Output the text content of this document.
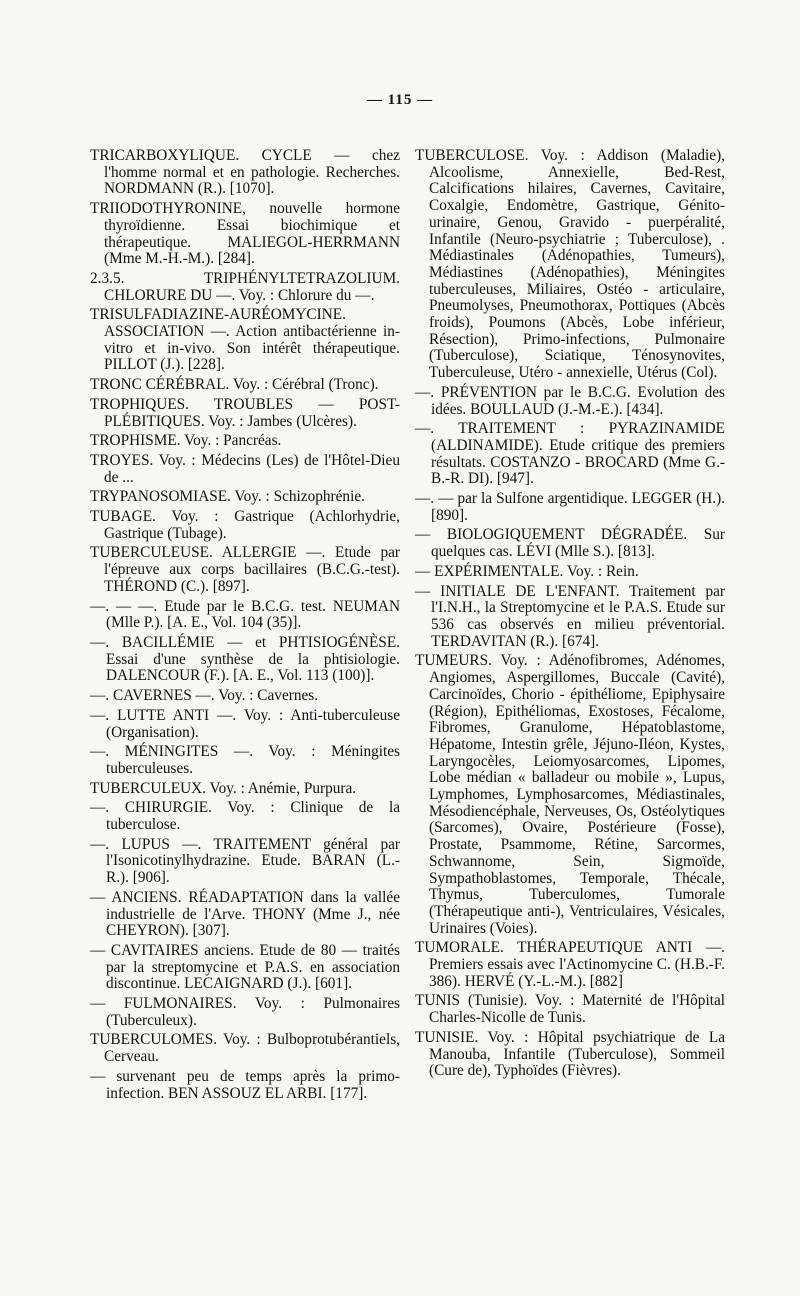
— 115 —

TRICARBOXYLIQUE. CYCLE — chez l'homme normal et en pathologie. Recherches. NORDMANN (R.). [1070].

TRIIODOTHYRONINE, nouvelle hormone thyroïdienne. Essai biochimique et thérapeutique. MALIEGOL-HERRMANN (Mme M.-H.-M.). [284].

2.3.5. TRIPHÉNYLTETRAZOLIUM. CHLORURE DU —. Voy. : Chlorure du —.

TRISULFADIAZINE-AURÉOMYCINE. ASSOCIATION —. Action antibactérienne in-vitro et in-vivo. Son intérêt thérapeutique. PILLOT (J.). [228].

TRONC CÉRÉBRAL. Voy. : Cérébral (Tronc).

TROPHIQUES. TROUBLES — POST-PLÉBITIQUES. Voy. : Jambes (Ulcères).

TROPHISME. Voy. : Pancréas.

TROYES. Voy. : Médecins (Les) de l'Hôtel-Dieu de ...

TRYPANOSOMIASE. Voy. : Schizophrénie.

TUBAGE. Voy. : Gastrique (Achlorhydrie, Gastrique (Tubage).

TUBERCULEUSE. ALLERGIE —. Etude par l'épreuve aux corps bacillaires (B.C.G.-test). THÉROND (C.). [897].

—. — —. Etude par le B.C.G. test. NEUMAN (Mlle P.). [A. E., Vol. 104 (35)].

—. BACILLÉMIE — et PHTISIOGÉNÈSE. Essai d'une synthèse de la phtisiologie. DALENCOUR (F.). [A. E., Vol. 113 (100)].

—. CAVERNES —. Voy. : Cavernes.

—. LUTTE ANTI —. Voy. : Anti-tuberculeuse (Organisation).

—. MÉNINGITES —. Voy. : Méningites tuberculeuses.

TUBERCULEUX. Voy. : Anémie, Purpura.

—. CHIRURGIE. Voy. : Clinique de la tuberculose.

—. LUPUS —. TRAITEMENT général par l'Isonicotinylhydrazine. Etude. BARAN (L.-R.). [906].

— ANCIENS. RÉADAPTATION dans la vallée industrielle de l'Arve. THONY (Mme J., née CHEYRON). [307].

— CAVITAIRES anciens. Etude de 80 — traités par la streptomycine et P.A.S. en association discontinue. LECAIGNARD (J.). [601].

— FULMONAIRES. Voy. : Pulmonaires (Tuberculeux).

TUBERCULOMES. Voy. : Bulboprotubérantiels, Cerveau.

— survenant peu de temps après la primo-infection. BEN ASSOUZ EL ARBI. [177].

TUBERCULOSE. Voy. : Addison (Maladie), Alcoolisme, Annexielle, Bed-Rest, Calcifications hilaires, Cavernes, Cavitaire, Coxalgie, Endomètre, Gastrique, Génito-urinaire, Genou, Gravido - puerpéralité, Infantile (Neuro-psychiatrie ; Tuberculose), . Médiastinales (Adénopathies, Tumeurs), Médiastines (Adénopathies), Méningites tuberculeuses, Miliaires, Ostéo - articulaire, Pneumolyses, Pneumothorax, Pottiques (Abcès froids), Poumons (Abcès, Lobe inférieur, Résection), Primo-infections, Pulmonaire (Tuberculose), Sciatique, Ténosynovites, Tuberculeuse, Utéro - annexielle, Utérus (Col).

—. PRÉVENTION par le B.C.G. Evolution des idées. BOULLAUD (J.-M.-E.). [434].

—. TRAITEMENT : PYRAZINAMIDE (ALDINAMIDE). Etude critique des premiers résultats. COSTANZO - BROCARD (Mme G.-B.-R. DI). [947].

—. — par la Sulfone argentidique. LEGGER (H.). [890].

— BIOLOGIQUEMENT DÉGRADÉE. Sur quelques cas. LÉVI (Mlle S.). [813].

— EXPÉRIMENTALE. Voy. : Rein.

— INITIALE DE L'ENFANT. Traitement par l'I.N.H., la Streptomycine et le P.A.S. Etude sur 536 cas observés en milieu préventorial. TERDAVITAN (R.). [674].

TUMEURS. Voy. : Adénofibromes, Adénomes, Angiomes, Aspergillomes, Buccale (Cavité), Carcinoïdes, Chorio - épithéliome, Epiphysaire (Région), Epithéliomas, Exostoses, Fécalome, Fibromes, Granulome, Hépatoblastome, Hépatome, Intestin grêle, Jéjuno-Iléon, Kystes, Laryngocèles, Leiomyosarcomes, Lipomes, Lobe médian « balladeur ou mobile », Lupus, Lymphomes, Lymphosarcomes, Médiastinales, Mésodiencéphale, Nerveuses, Os, Ostéolytiques (Sarcomes), Ovaire, Postérieure (Fosse), Prostate, Psammome, Rétine, Sarcormes, Schwannome, Sein, Sigmoïde, Sympathoblastomes, Temporale, Thécale, Thymus, Tuberculomes, Tumorale (Thérapeutique anti-), Ventriculaires, Vésicales, Urinaires (Voies).

TUMORALE. THÉRAPEUTIQUE ANTI —. Premiers essais avec l'Actinomycine C. (H.B.-F. 386). HERVÉ (Y.-L.-M.). [882]

TUNIS (Tunisie). Voy. : Maternité de l'Hôpital Charles-Nicolle de Tunis.

TUNISIE. Voy. : Hôpital psychiatrique de La Manouba, Infantile (Tuberculose), Sommeil (Cure de), Typhoïdes (Fièvres).
